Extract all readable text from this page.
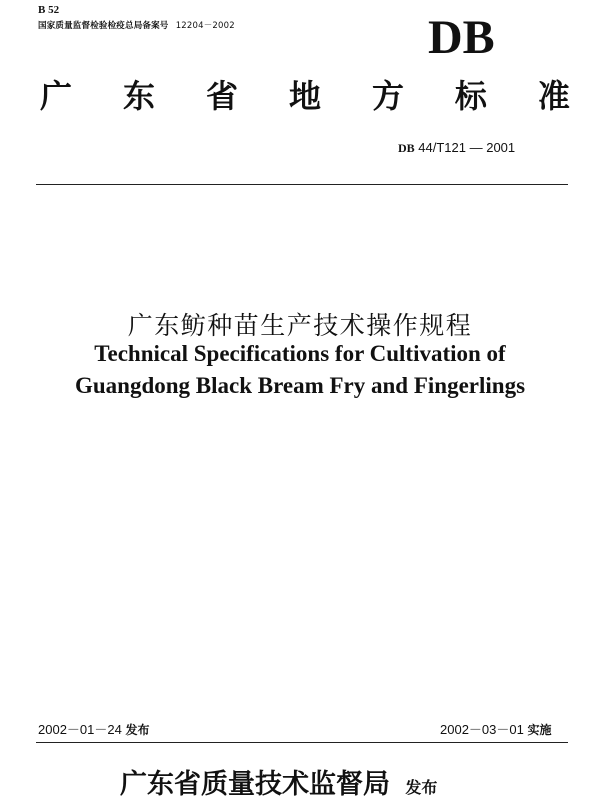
B 52
国家质量监督检验检疫总局备案号 12204－2002	DB
广 东 省 地 方 标 准
DB 44/T121 — 2001
广东鲂种苗生产技术操作规程
Technical Specifications for Cultivation of
Guangdong Black Bream Fry and Fingerlings
2002－01－24 发布	2002－03－01 实施
广东省质量技术监督局 发布
